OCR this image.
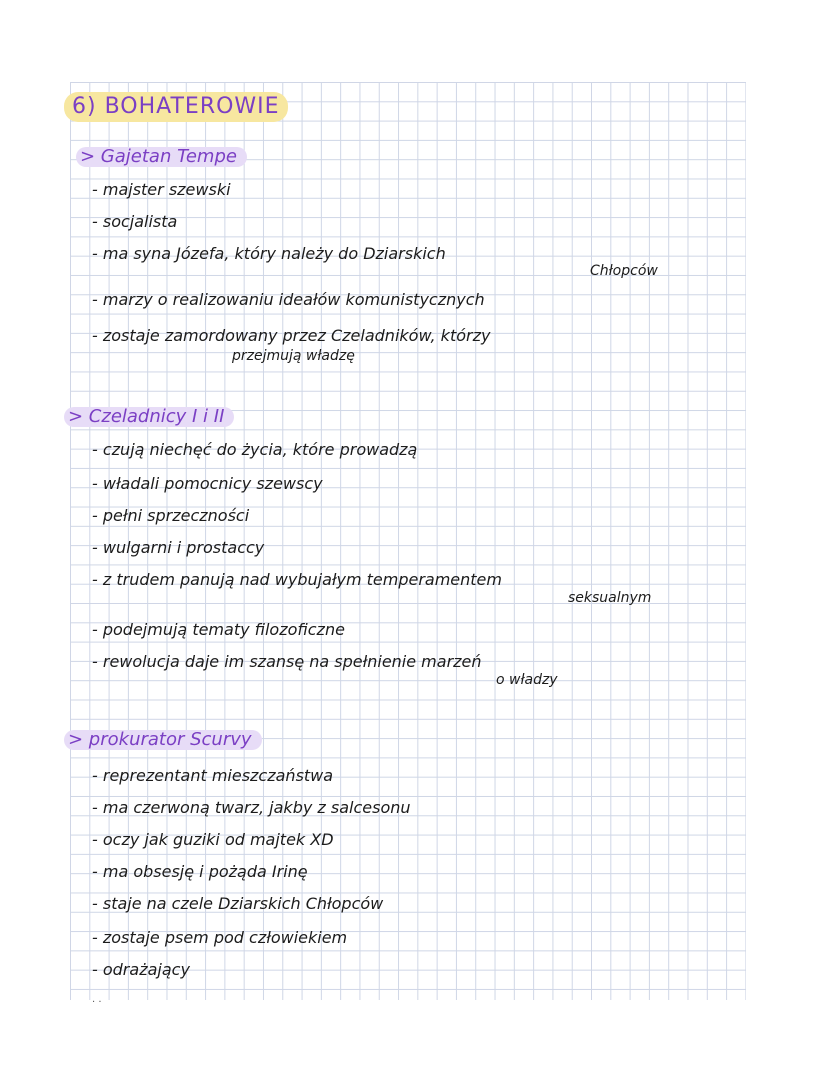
6) BOHATEROWIE
> Gajetan Tempe
- majster szewski
- socjalista
- ma syna Józefa, który należy do Dziarskich
Chłopców
- marzy o realizowaniu ideałów komunistycznych
- zostaje zamordowany przez Czeladników, którzy
przejmują władzę
> Czeladnicy I i II
- czują niechęć do życia, które prowadzą
- władali pomocnicy szewscy
- pełni sprzeczności
- wulgarni i prostaccy
- z trudem panują nad wybujałym temperamentem
seksualnym
- podejmują tematy filozoficzne
- rewolucja daje im szansę na spełnienie marzeń
o władzy
> prokurator Scurvy
- reprezentant mieszczaństwa
- ma czerwoną twarz, jakby z salcesonu
- oczy jak guziki od majtek XD
- ma obsesję i pożąda Irinę
- staje na czele Dziarskich Chłopców
- zostaje psem pod człowiekiem
- odrażający
. .
